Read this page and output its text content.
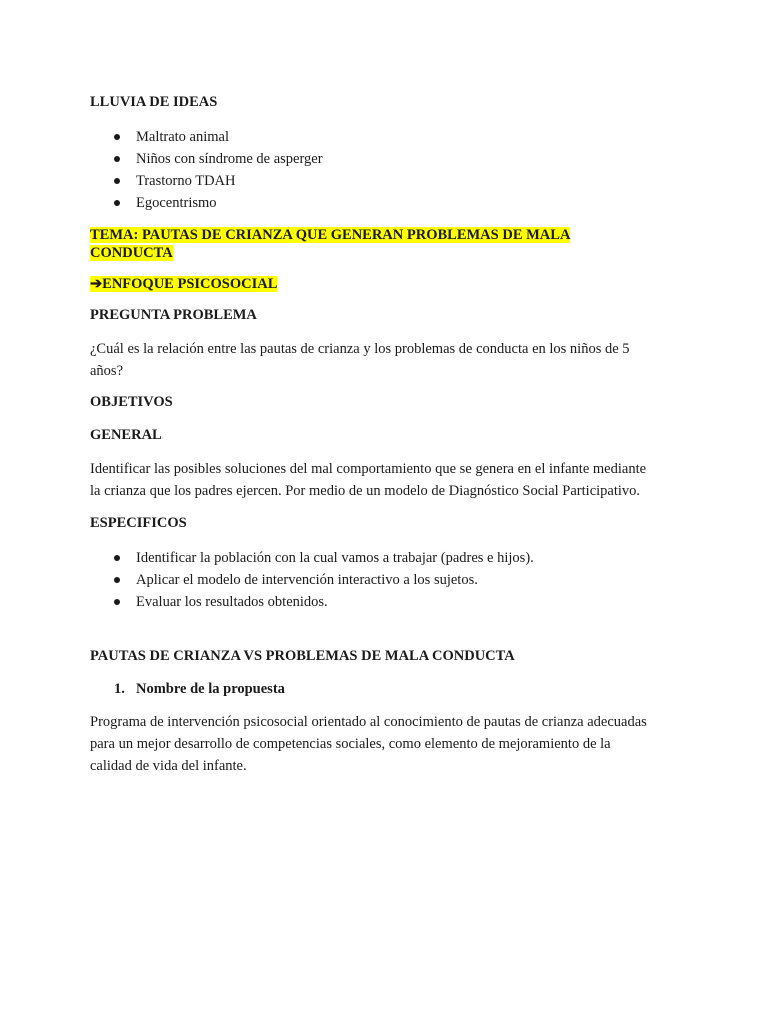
LLUVIA DE IDEAS

Maltrato animal
Niños con síndrome de asperger
Trastorno TDAH
Egocentrismo
TEMA: PAUTAS DE CRIANZA QUE GENERAN PROBLEMAS DE MALA
CONDUCTA
➔ENFOQUE PSICOSOCIAL

PREGUNTA PROBLEMA

¿Cuál es la relación entre las pautas de crianza y los problemas de conducta en los niños de 5
años?

OBJETIVOS

GENERAL

Identificar las posibles soluciones del mal comportamiento que se genera en el infante mediante
la crianza que los padres ejercen. Por medio de un modelo de Diagnóstico Social Participativo.

ESPECIFICOS

Identificar la población con la cual vamos a trabajar (padres e hijos).
Aplicar el modelo de intervención interactivo a los sujetos.
Evaluar los resultados obtenidos.

PAUTAS DE CRIANZA VS PROBLEMAS DE MALA CONDUCTA

1. Nombre de la propuesta
Programa de intervención psicosocial orientado al conocimiento de pautas de crianza adecuadas
para un mejor desarrollo de competencias sociales, como elemento de mejoramiento de la
calidad de vida del infante.
